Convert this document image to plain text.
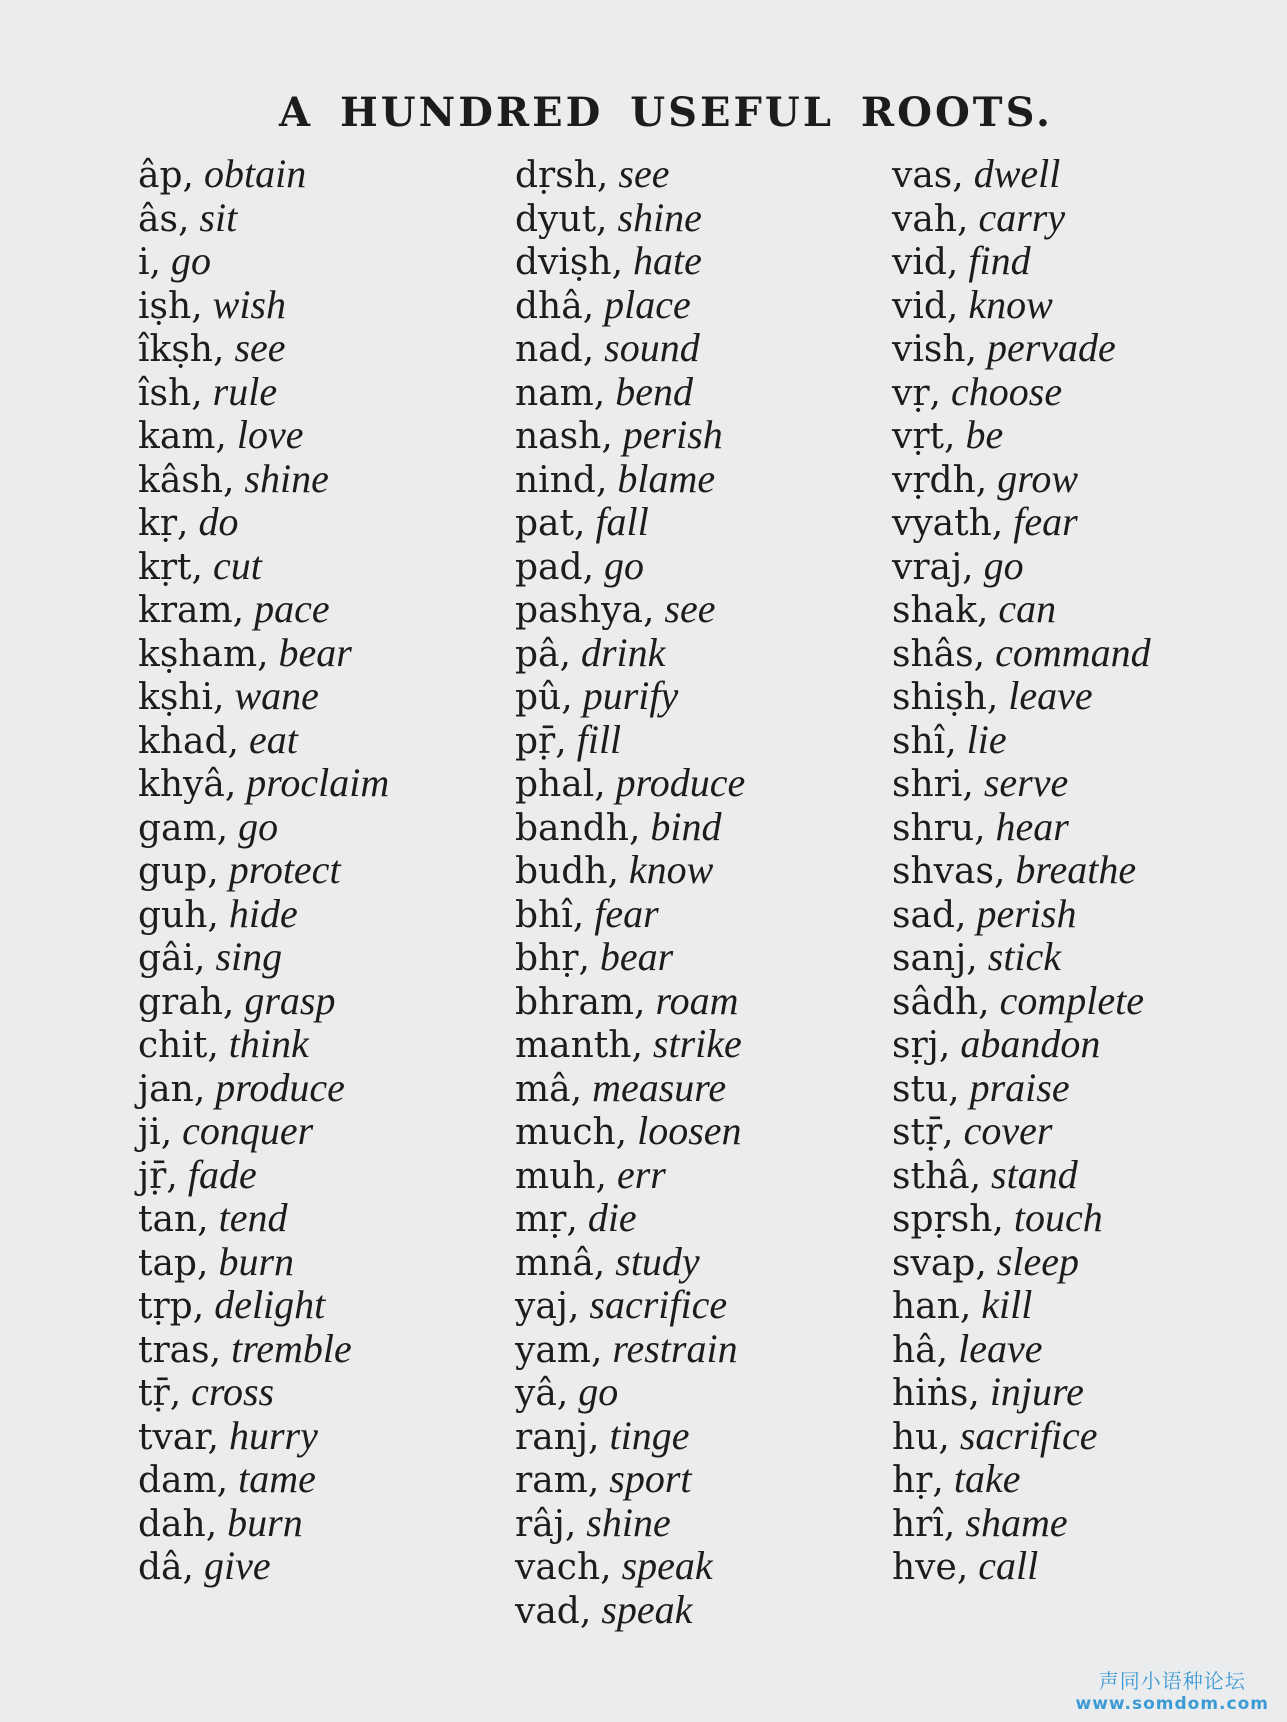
A HUNDRED USEFUL ROOTS.
âp, obtain
âs, sit
i, go
iṣh, wish
îkṣh, see
îsh, rule
kam, love
kâsh, shine
kṛ, do
kṛt, cut
kram, pace
kṣham, bear
kṣhi, wane
khad, eat
khyâ, proclaim
gam, go
gup, protect
guh, hide
gâi, sing
grah, grasp
chit, think
jan, produce
ji, conquer
jṝ, fade
tan, tend
tap, burn
tṛp, delight
tras, tremble
tṝ, cross
tvar, hurry
dam, tame
dah, burn
dâ, give
dṛsh, see
dyut, shine
dviṣh, hate
dhâ, place
nad, sound
nam, bend
nash, perish
nind, blame
pat, fall
pad, go
pashya, see
pâ, drink
pû, purify
pṝ, fill
phal, produce
bandh, bind
budh, know
bhî, fear
bhṛ, bear
bhram, roam
manth, strike
mâ, measure
much, loosen
muh, err
mṛ, die
mnâ, study
yaj, sacrifice
yam, restrain
yâ, go
ranj, tinge
ram, sport
râj, shine
vach, speak
vad, speak
vas, dwell
vah, carry
vid, find
vid, know
vish, pervade
vṛ, choose
vṛt, be
vṛdh, grow
vyath, fear
vraj, go
shak, can
shâs, command
shiṣh, leave
shî, lie
shri, serve
shru, hear
shvas, breathe
sad, perish
sanj, stick
sâdh, complete
sṛj, abandon
stu, praise
stṝ, cover
sthâ, stand
spṛsh, touch
svap, sleep
han, kill
hâ, leave
hiṅs, injure
hu, sacrifice
hṛ, take
hrî, shame
hve, call
声同小语种论坛
www.somdom.com
